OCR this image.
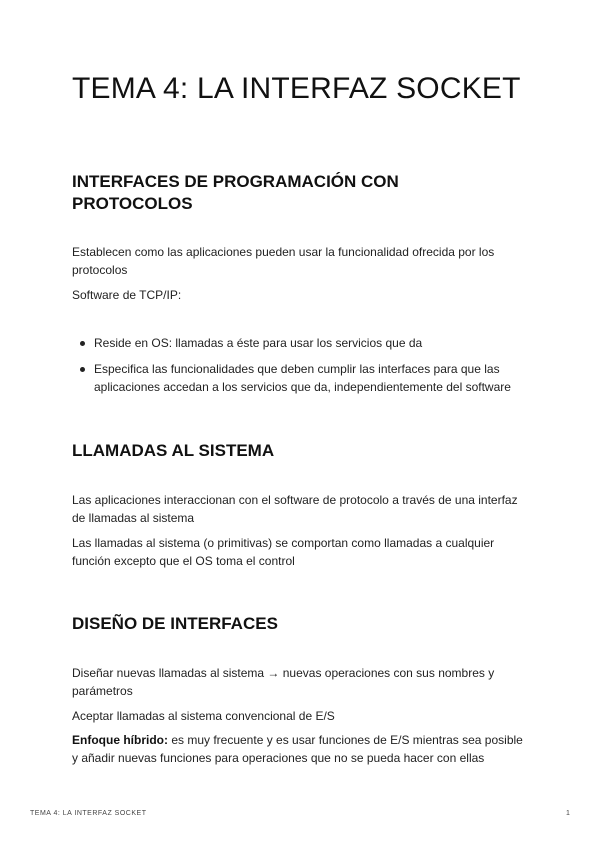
TEMA 4: LA INTERFAZ SOCKET
INTERFACES DE PROGRAMACIÓN CON PROTOCOLOS

Establecen como las aplicaciones pueden usar la funcionalidad ofrecida por los protocolos

Software de TCP/IP:

Reside en OS: llamadas a éste para usar los servicios que da
Especifica las funcionalidades que deben cumplir las interfaces para que las aplicaciones accedan a los servicios que da, independientemente del software
LLAMADAS AL SISTEMA

Las aplicaciones interaccionan con el software de protocolo a través de una interfaz de llamadas al sistema

Las llamadas al sistema (o primitivas) se comportan como llamadas a cualquier función excepto que el OS toma el control

DISEÑO DE INTERFACES

Diseñar nuevas llamadas al sistema → nuevas operaciones con sus nombres y parámetros

Aceptar llamadas al sistema convencional de E/S

Enfoque híbrido: es muy frecuente y es usar funciones de E/S mientras sea posible y añadir nuevas funciones para operaciones que no se pueda hacer con ellas

TEMA 4: LA INTERFAZ SOCKET	1
